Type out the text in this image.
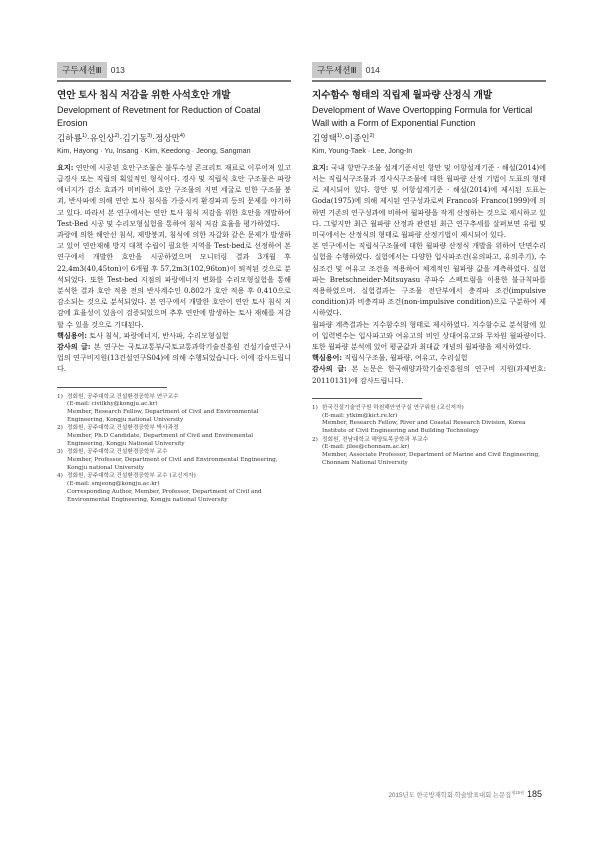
구두세션Ⅲ 013
연안 토사 침식 저감을 위한 사석호안 개발
Development of Revetment for Reduction of Coatal Erosion
김하룡$^{1)}$·유인상$^{2)}$·김기동$^{3)}$·정상만$^{4)}$
Kim, Hayong · Yu, Insang · Kim, Keedong · Jeong, Sangman

요지: 연안에 시공된 호안구조물은 불투수성 콘크리트 재료로 이루어져 있고 급경사 또는 직립의 획일적인 형식이다. 경사 및 직립식 호안 구조물은 파랑에너지가 감소 효과가 미비하여 호안 구조물의 지면 세굴로 인한 구조물 붕괴, 반사파에 의해 연안 토사 침식을 가중시켜 환경파괴 등의 문제를 야기하고 있다. 따라서 본 연구에서는 연안 토사 침식 저감을 위한 호안을 개발하여 Test-Bed 시공 및 수리모형실험을 통하여 침식 저감 효율을 평가하였다.

과랑에 의한 해안선 침식, 제방붕괴, 침식에 의한 자갈화 같은 문제가 발생하고 있어 연안재해 방지 대책 수립이 필요한 지역을 Test-bed로 선정하여 본 연구에서 개발한 호안을 시공하였으며 모니터링 결과 3개월 후 22,4m3(40,45ton)이 6개월 후 57,2m3(102,96ton)이 퇴적된 것으로 분석되었다. 또한 Test-bed 지점의 파랑에너지 변화를 수리모형실험을 통해 분석한 결과 호안 적용 전의 반사계수인 0.802가 호안 적용 후 0.410으로 감소되는 것으로 분석되었다. 본 연구에서 개발한 호안이 연안 토사 침식 저감에 효율성이 있음이 검증되었으며 추후 연안에 발생하는 토사 재해를 저감할 수 있을 것으로 기대된다.

핵심용어: 토사 침식, 파랑에너지, 반사파, 수리모형실험

감사의 글: 본 연구는 국토교통부/국토교통과학기술진흥원 건설기술연구사업의 연구비지원(13건설연구S04)에 의해 수행되었습니다. 이에 감사드립니다.

1) 정회원, 공주대학교 건설환경공학부 연구교수
(E-mail: civilkhy@kongju.ac.kr)
Member, Research Fellow, Department of Civil and Environmental Engineering, Kongju national University
2) 정회원, 공주대학교 건설환경공학부 박사과정
Member, Ph.D Candidate, Department of Civil and Enviremental Engineering, Kongju National University
3) 정회원, 공주대학교 건설환경공학부 교수
Member, Professor, Department of Civil and Environmental Engineering, Kongju national University
4) 정회원, 공주대학교 건설환경공학부 교수 (교신저자)
(E-mail: smjeong@kongju.ac.kr)
Corresponding Author, Member, Professor, Department of Civil and Environmental Engineering, Kongju national University
구두세션Ⅲ 014
지수함수 형태의 직립제 월파량 산정식 개발
Development of Wave Overtopping Formula for Vertical Wall with a Form of Exponential Function
김영택$^{1)}$·이종인$^{2)}$
Kim, Young-Taek · Lee, Jong-In

요지: 국내 항만구조물 설계기준서인 항만 및 어항설계기준 · 해설(2014)에서는 직립식구조물과 경사식구조물에 대한 월파량 산정 기법이 도표의 형태로 제시되어 있다. 항만 및 어항설계기준 · 해설(2014)에 제시된 도표는 Goda(1975)에 의해 제시된 연구성과로써 Franco와 Franco(1999)에 의하면 기존의 연구성과에 비하여 월파량을 작게 산정하는 것으로 제시하고 있다. 그렇지만 최근 월파량 산정과 관련된 최근 연구추세를 살펴보면 유럽 및 미국에서는 산정식의 형태로 월파량 산정기법이 제시되어 있다.

본 연구에서는 직립식구조물에 대한 월파량 산정식 개발을 위하여 단면수리실험을 수행하였다. 실험에서는 다양한 입사파조건(유의파고, 유의주기), 수심조건 및 여유고 조건을 적용하여 체계적인 월파량 값을 계측하였다. 실험파는 Bretschneider-Mitsuyasu 주파수 스펙트럼을 이용한 불규칙파를 적용하였으며, 실험결과는 구조물 전단부에서 충격파 조건(impulsive condition)과 비충격파 조건(non-impulsive condition)으로 구분하여 제시하였다.

월파량 계측결과는 지수함수의 형태로 제시하였다. 지수함수로 분석함에 있어 입력변수는 입사파고와 여유고의 비인 상대여유고와 무차원 월파량이다. 또한 월파량 분석에 있어 평균값과 최대값 개념의 월파량을 제시하였다.

핵심용어: 직립식구조물, 월파량, 여유고, 수리실험

감사의 글: 본 논문은 한국해양과학기술진흥원의 연구비 지원(과제번호: 20110131)에 감사드립니다.

1) 한국건설기술연구원 하천해안연구실 연구위원 (교신저자)
(E-mail: ytkim@kict.re.kr)
Member, Research Fellow, River and Coastal Research Division, Korea Institute of Civil Engineering and Building Technology
2) 정회원, 전남대학교 해양토목공학과 부교수
(E-mail: jilee@chonnam.ac.kr)
Member, Associate Professor, Department of Marine and Civil Engineering, Chonnam National University
2015년도 한국방재학회 학술발표대회 논문집$^{제15권}$ 185
